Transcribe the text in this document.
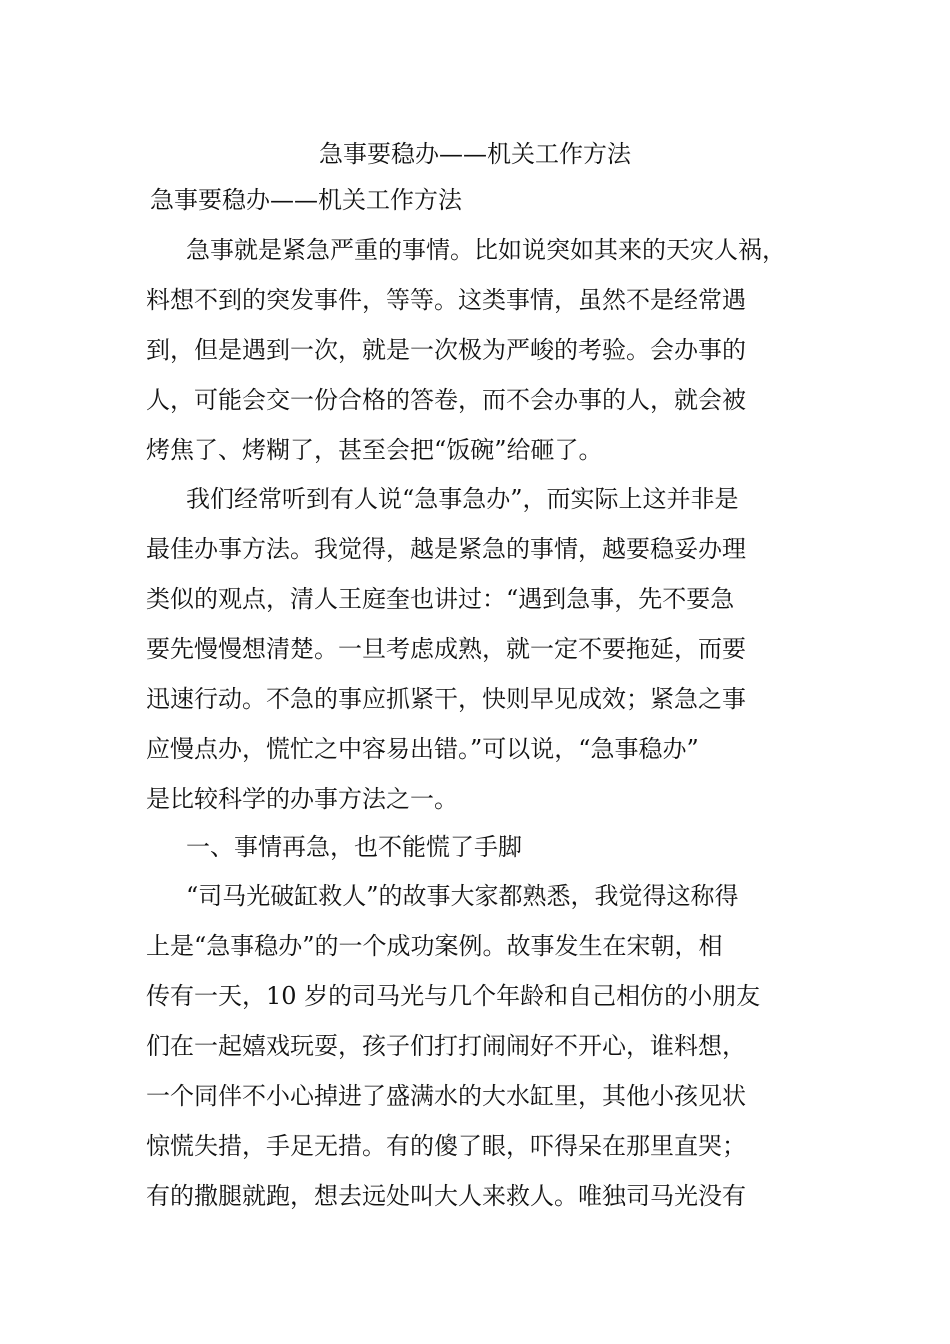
急事要稳办——机关工作方法
急事要稳办——机关工作方法
急事就是紧急严重的事情。比如说突如其来的天灾人祸，
料想不到的突发事件，等等。这类事情，虽然不是经常遇
到，但是遇到一次，就是一次极为严峻的考验。会办事的
人，可能会交一份合格的答卷，而不会办事的人，就会被
烤焦了、烤糊了，甚至会把“饭碗”给砸了。
我们经常听到有人说“急事急办”，而实际上这并非是
最佳办事方法。我觉得，越是紧急的事情，越要稳妥办理
类似的观点，清人王庭奎也讲过：“遇到急事，先不要急
要先慢慢想清楚。一旦考虑成熟，就一定不要拖延，而要
迅速行动。不急的事应抓紧干，快则早见成效；紧急之事
应慢点办，慌忙之中容易出错。”可以说，“急事稳办”
是比较科学的办事方法之一。
一、事情再急，也不能慌了手脚
“司马光破缸救人”的故事大家都熟悉，我觉得这称得
上是“急事稳办”的一个成功案例。故事发生在宋朝，相
传有一天，10 岁的司马光与几个年龄和自己相仿的小朋友
们在一起嬉戏玩耍，孩子们打打闹闹好不开心，谁料想，
一个同伴不小心掉进了盛满水的大水缸里，其他小孩见状
惊慌失措，手足无措。有的傻了眼，吓得呆在那里直哭；
有的撒腿就跑，想去远处叫大人来救人。唯独司马光没有
